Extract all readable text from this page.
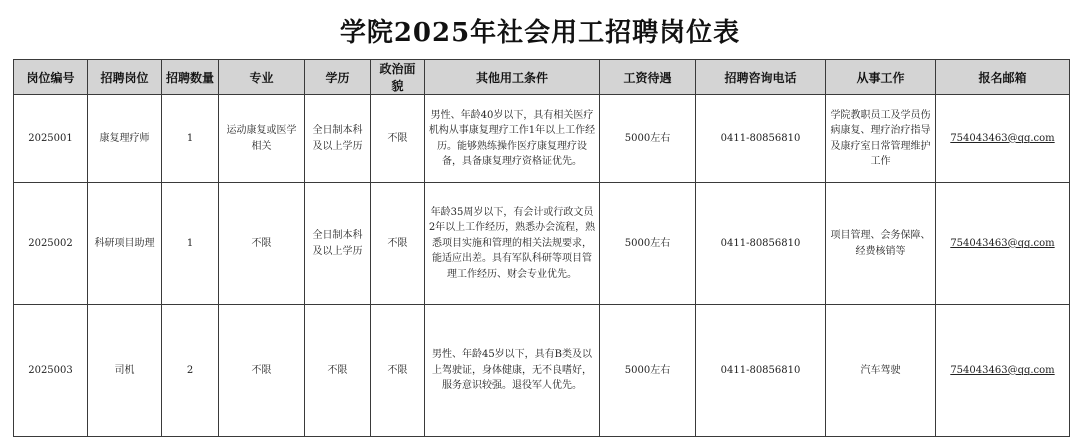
学院2025年社会用工招聘岗位表
岗位编号	招聘岗位	招聘数量	专业	学历	政治面貌	其他用工条件	工资待遇	招聘咨询电话	从事工作	报名邮箱
2025001	康复理疗师	1	运动康复或医学相关	全日制本科及以上学历	不限	男性、年龄40岁以下，具有相关医疗机构从事康复理疗工作1年以上工作经历。能够熟练操作医疗康复理疗设备，具备康复理疗资格证优先。	5000左右	0411-80856810	学院教职员工及学员伤病康复、理疗治疗指导及康疗室日常管理维护工作	754043463@qq.com
2025002	科研项目助理	1	不限	全日制本科及以上学历	不限	年龄35周岁以下，有会计或行政文员2年以上工作经历，熟悉办会流程，熟悉项目实施和管理的相关法规要求，能适应出差。具有军队科研等项目管理工作经历、财会专业优先。	5000左右	0411-80856810	项目管理、会务保障、经费核销等	754043463@qq.com
2025003	司机	2	不限	不限	不限	男性、年龄45岁以下，具有B类及以上驾驶证，身体健康，无不良嗜好，服务意识较强。退役军人优先。	5000左右	0411-80856810	汽车驾驶	754043463@qq.com
